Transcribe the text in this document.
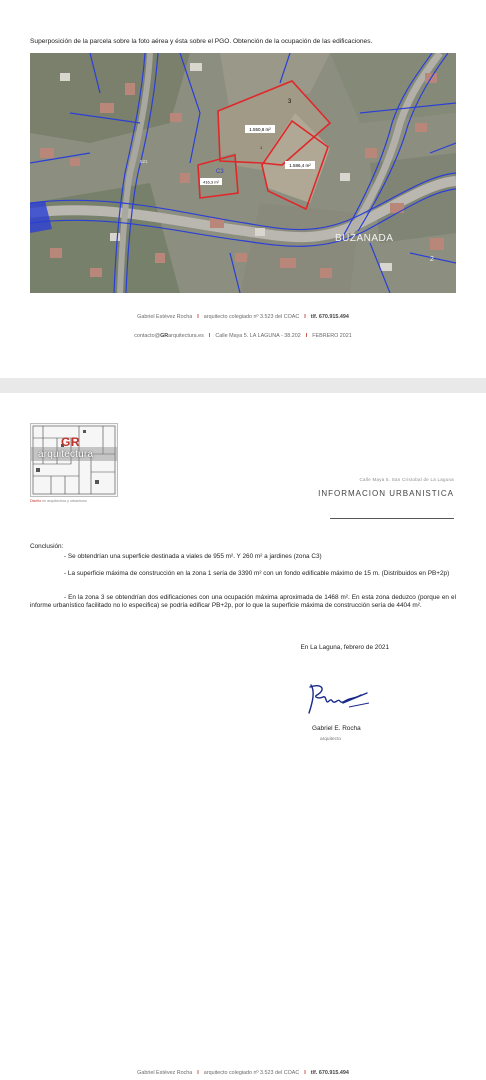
Superposición de la parcela sobre la foto aérea y ésta sobre el PGO. Obtención de la ocupación de las edificaciones.
1.550,8 m²
1.586,4 m²
416,3 m²
C3
3
521
BUZANADA
2
1
Gabriel Estévez Rocha I arquitecto colegiado nº 3.523 del COAC I tlf. 670.915.494
contacto@GRarquitectura.es I Calle Maya 5. LA LAGUNA - 38.202 I FEBRERO 2021
GR
arquitectura
Diseño en arquitectura y urbanismo
Calle Maya 5. San Cristobal de La Laguna
INFORMACION URBANISTICA
Conclusión:
- Se obtendrían una superficie destinada a viales de 955 m². Y 260 m² a jardines (zona C3)
- La superficie máxima de construcción en la zona 1 sería de 3390 m² con un fondo edificable máximo de 15 m. (Distribuidos en PB+2p)
- En la zona 3 se obtendrían dos edificaciones con una ocupación máxima aproximada de 1468 m². En esta zona deduzco (porque en el informe urbanístico facilitado no lo especifica) se podría edificar PB+2p, por lo que la superficie máxima de construcción sería de 4404 m².
En La Laguna, febrero de 2021
Gabriel E. Rocha
arquitecto
Gabriel Estévez Rocha I arquitecto colegiado nº 3.523 del COAC I tlf. 670.915.494
